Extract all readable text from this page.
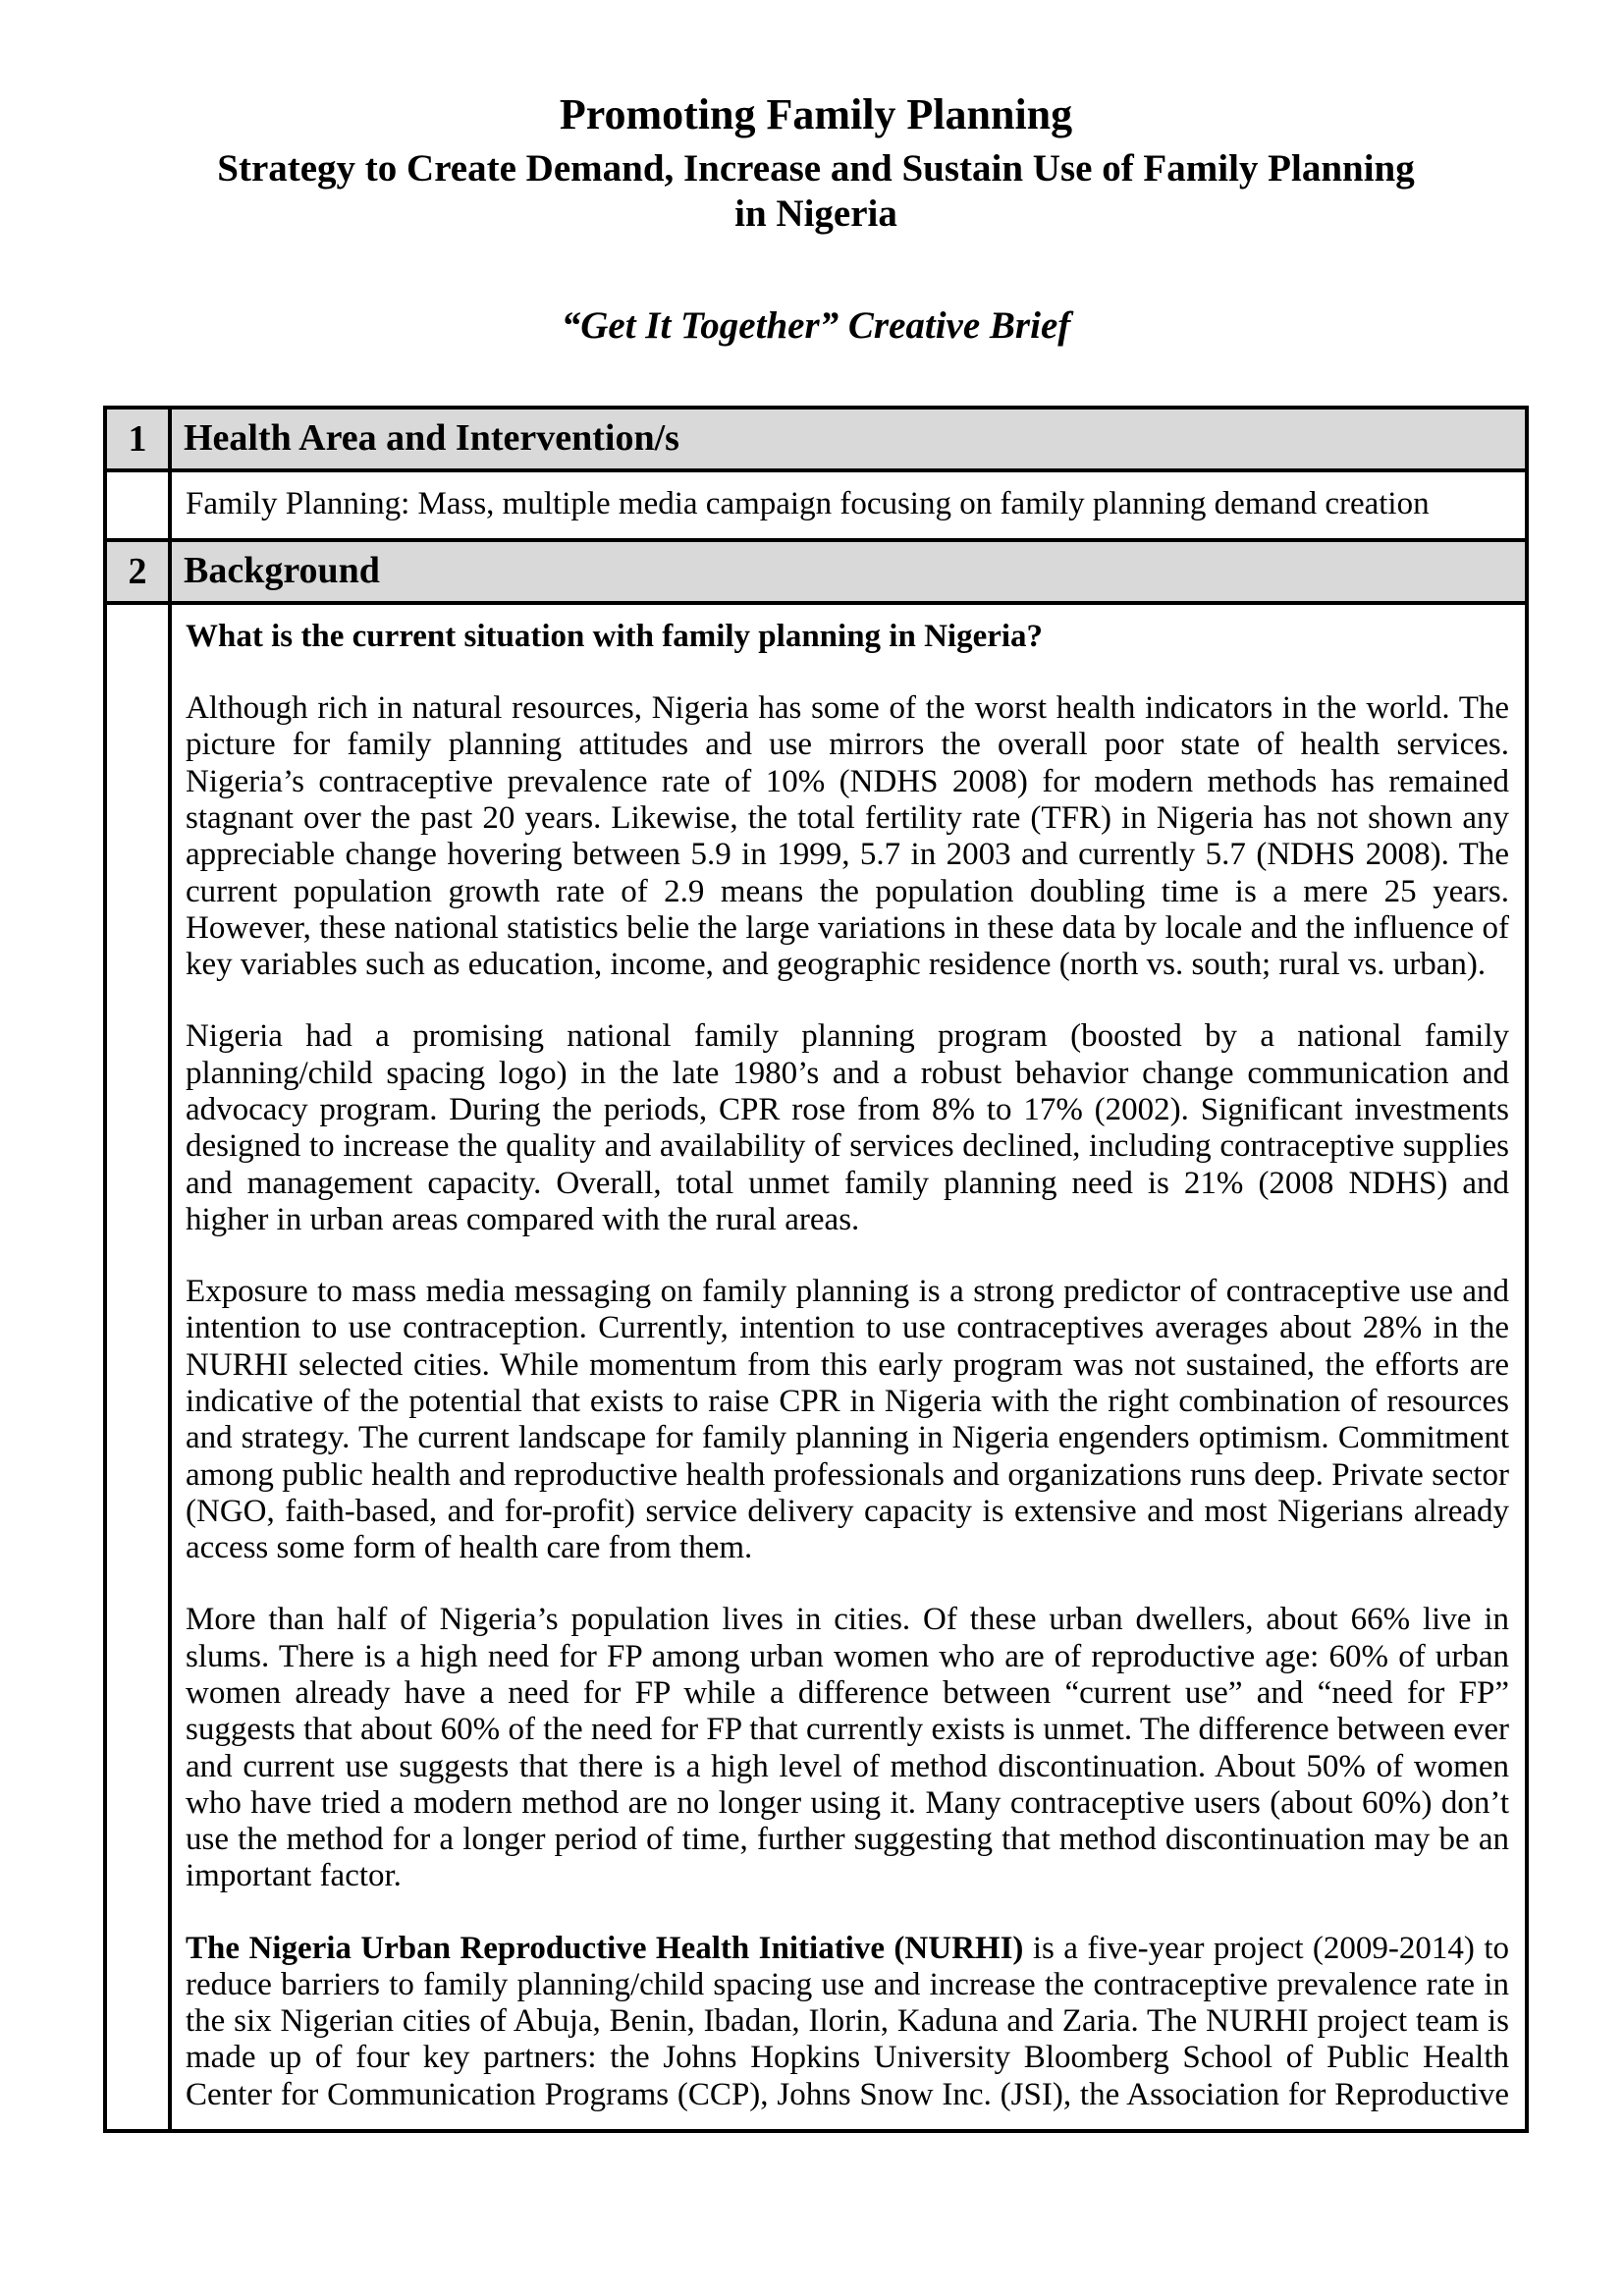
Promoting Family Planning
Strategy to Create Demand, Increase and Sustain Use of Family Planning
in Nigeria
“Get It Together” Creative Brief
1	Health Area and Intervention/s

	Family Planning: Mass, multiple media campaign focusing on family planning demand creation

2	Background

What is the current situation with family planning in Nigeria?

Although rich in natural resources, Nigeria has some of the worst health indicators in the world. The picture for family planning attitudes and use mirrors the overall poor state of health services. Nigeria’s contraceptive prevalence rate of 10% (NDHS 2008) for modern methods has remained stagnant over the past 20 years. Likewise, the total fertility rate (TFR) in Nigeria has not shown any appreciable change hovering between 5.9 in 1999, 5.7 in 2003 and currently 5.7 (NDHS 2008). The current population growth rate of 2.9 means the population doubling time is a mere 25 years. However, these national statistics belie the large variations in these data by locale and the influence of key variables such as education, income, and geographic residence (north vs. south; rural vs. urban).

Nigeria had a promising national family planning program (boosted by a national family planning/child spacing logo) in the late 1980’s and a robust behavior change communication and advocacy program. During the periods, CPR rose from 8% to 17% (2002). Significant investments designed to increase the quality and availability of services declined, including contraceptive supplies and management capacity. Overall, total unmet family planning need is 21% (2008 NDHS) and higher in urban areas compared with the rural areas.

Exposure to mass media messaging on family planning is a strong predictor of contraceptive use and intention to use contraception. Currently, intention to use contraceptives averages about 28% in the NURHI selected cities. While momentum from this early program was not sustained, the efforts are indicative of the potential that exists to raise CPR in Nigeria with the right combination of resources and strategy. The current landscape for family planning in Nigeria engenders optimism. Commitment among public health and reproductive health professionals and organizations runs deep. Private sector (NGO, faith-based, and for-profit) service delivery capacity is extensive and most Nigerians already access some form of health care from them.

More than half of Nigeria’s population lives in cities. Of these urban dwellers, about 66% live in slums. There is a high need for FP among urban women who are of reproductive age: 60% of urban women already have a need for FP while a difference between “current use” and “need for FP” suggests that about 60% of the need for FP that currently exists is unmet. The difference between ever and current use suggests that there is a high level of method discontinuation. About 50% of women who have tried a modern method are no longer using it. Many contraceptive users (about 60%) don’t use the method for a longer period of time, further suggesting that method discontinuation may be an important factor.

The Nigeria Urban Reproductive Health Initiative (NURHI) is a five-year project (2009-2014) to reduce barriers to family planning/child spacing use and increase the contraceptive prevalence rate in the six Nigerian cities of Abuja, Benin, Ibadan, Ilorin, Kaduna and Zaria. The NURHI project team is made up of four key partners: the Johns Hopkins University Bloomberg School of Public Health Center for Communication Programs (CCP), Johns Snow Inc. (JSI), the Association for Reproductive
